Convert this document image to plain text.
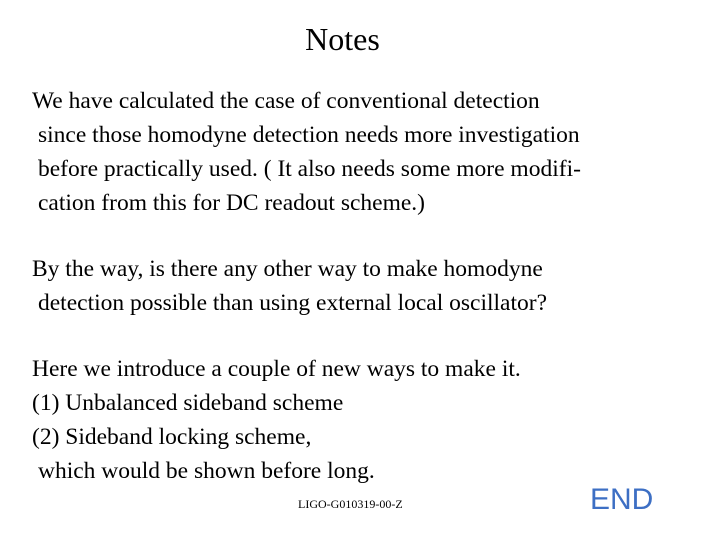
Notes
We have calculated the case of conventional detection
since those homodyne detection needs more investigation
before practically used. ( It also needs some more modifi-
cation from this for DC readout scheme.)
By the way, is there any other way to make homodyne
detection possible than using external local oscillator?
Here we introduce a couple of new ways to make it.
(1) Unbalanced sideband scheme
(2) Sideband locking scheme,
which would be shown before long.
LIGO-G010319-00-Z	END
